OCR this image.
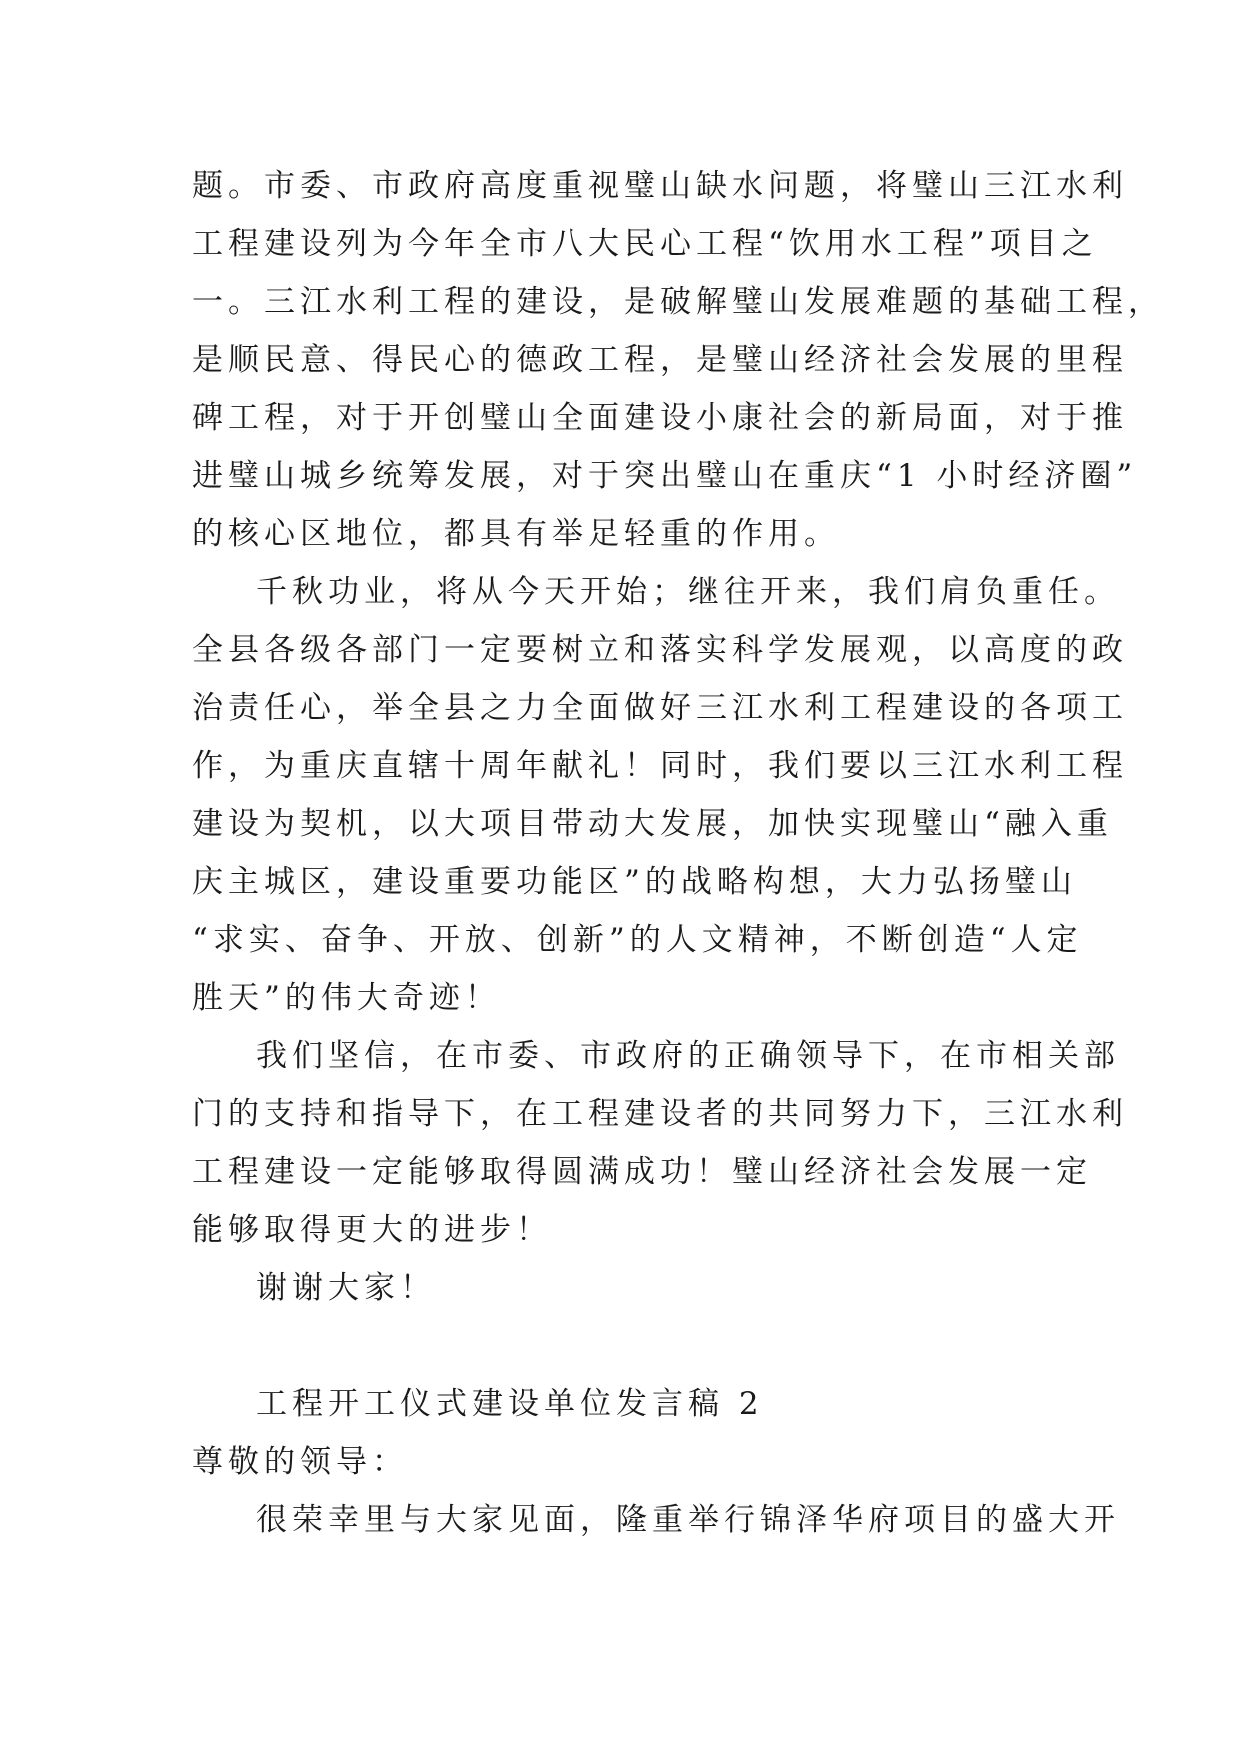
题。市委、市政府高度重视璧山缺水问题，将璧山三江水利
工程建设列为今年全市八大民心工程“饮用水工程”项目之
一。三江水利工程的建设，是破解璧山发展难题的基础工程，
是顺民意、得民心的德政工程，是璧山经济社会发展的里程
碑工程，对于开创璧山全面建设小康社会的新局面，对于推
进璧山城乡统筹发展，对于突出璧山在重庆“1 小时经济圈”
的核心区地位，都具有举足轻重的作用。
千秋功业，将从今天开始；继往开来，我们肩负重任。
全县各级各部门一定要树立和落实科学发展观，以高度的政
治责任心，举全县之力全面做好三江水利工程建设的各项工
作，为重庆直辖十周年献礼！同时，我们要以三江水利工程
建设为契机，以大项目带动大发展，加快实现璧山“融入重
庆主城区，建设重要功能区”的战略构想，大力弘扬璧山
“求实、奋争、开放、创新”的人文精神，不断创造“人定
胜天”的伟大奇迹！
我们坚信，在市委、市政府的正确领导下，在市相关部
门的支持和指导下，在工程建设者的共同努力下，三江水利
工程建设一定能够取得圆满成功！璧山经济社会发展一定
能够取得更大的进步！
谢谢大家！
工程开工仪式建设单位发言稿 2
尊敬的领导：
很荣幸里与大家见面，隆重举行锦泽华府项目的盛大开
